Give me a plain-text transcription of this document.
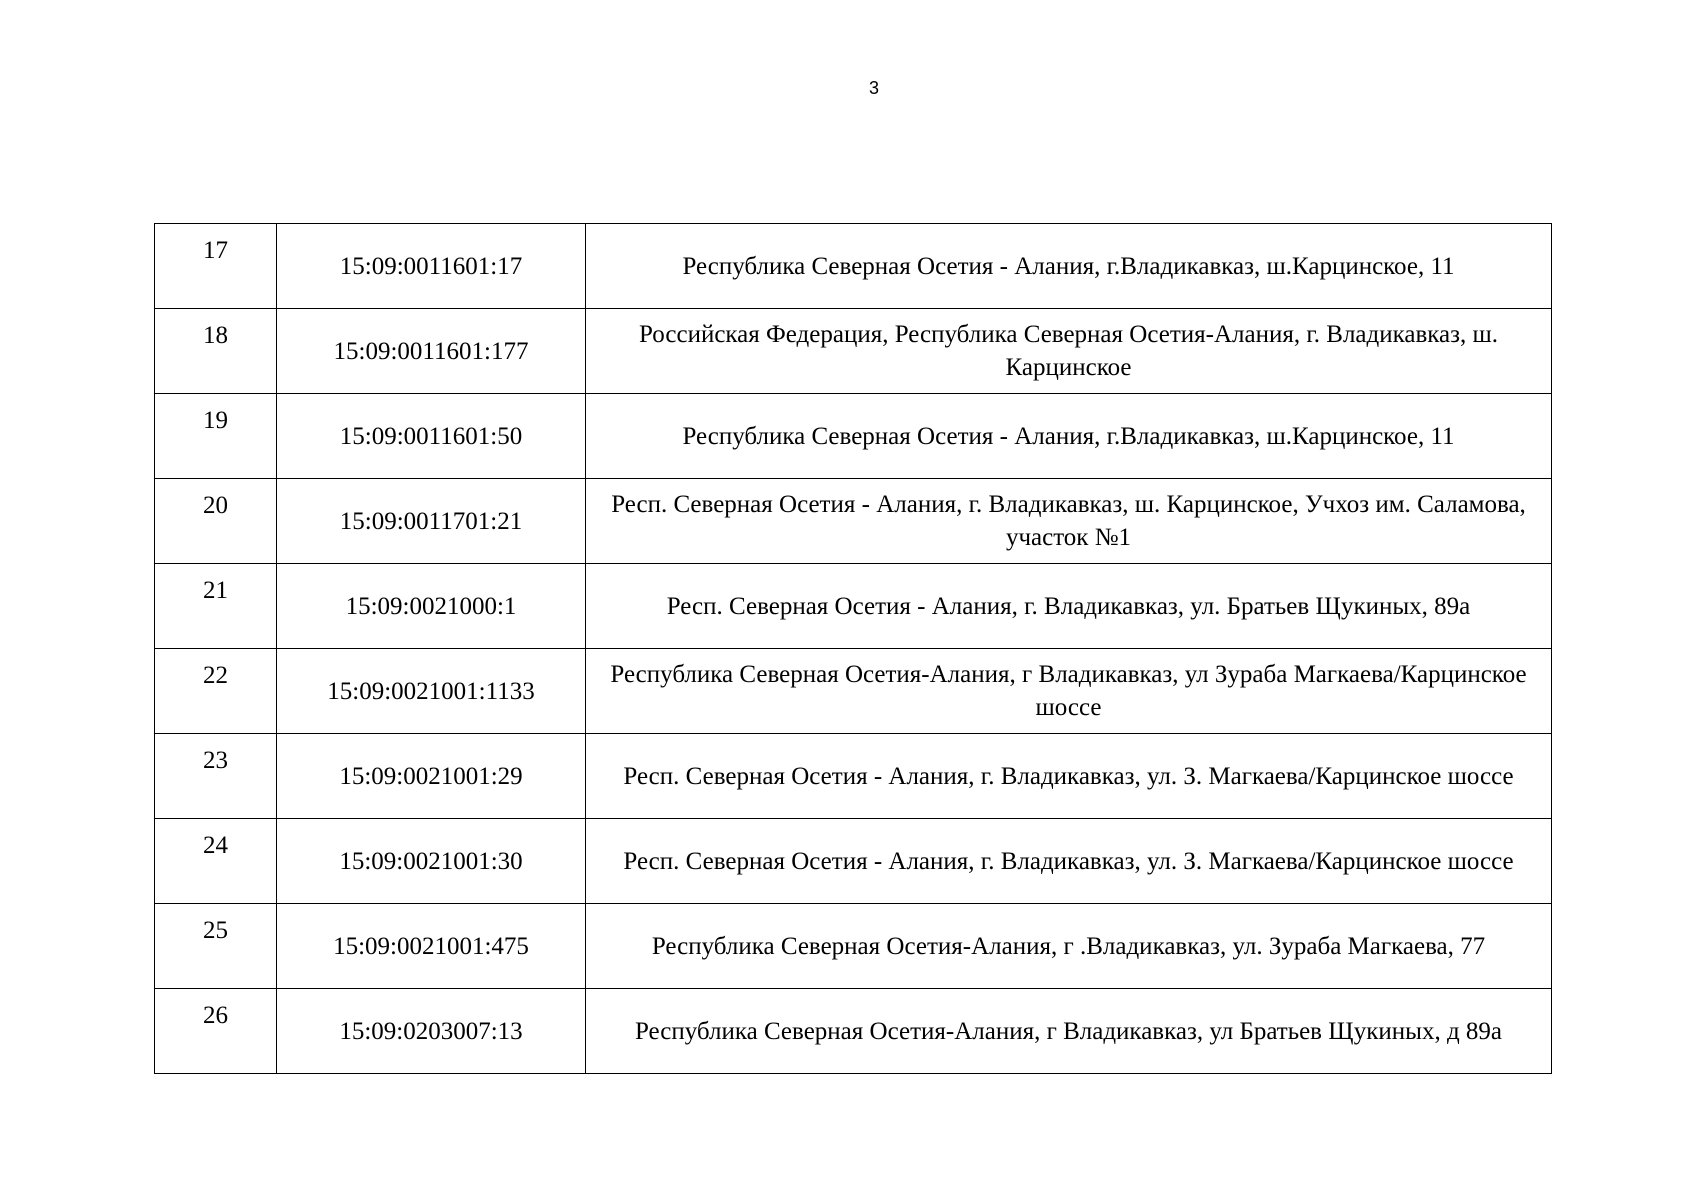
3
17	15:09:0011601:17	Республика Северная Осетия - Алания, г.Владикавказ, ш.Карцинское, 11
18	15:09:0011601:177	Российская Федерация, Республика Северная Осетия-Алания, г. Владикавказ, ш. Карцинское
19	15:09:0011601:50	Республика Северная Осетия - Алания, г.Владикавказ, ш.Карцинское, 11
20	15:09:0011701:21	Респ. Северная Осетия - Алания, г. Владикавказ, ш. Карцинское, Учхоз им. Саламова, участок №1
21	15:09:0021000:1	Респ. Северная Осетия - Алания, г. Владикавказ, ул. Братьев Щукиных, 89а
22	15:09:0021001:1133	Республика Северная Осетия-Алания, г Владикавказ, ул Зураба Магкаева/Карцинское шоссе
23	15:09:0021001:29	Респ. Северная Осетия - Алания, г. Владикавказ, ул. З. Магкаева/Карцинское шоссе
24	15:09:0021001:30	Респ. Северная Осетия - Алания, г. Владикавказ, ул. З. Магкаева/Карцинское шоссе
25	15:09:0021001:475	Республика Северная Осетия-Алания, г .Владикавказ, ул. Зураба Магкаева, 77
26	15:09:0203007:13	Республика Северная Осетия-Алания, г Владикавказ, ул Братьев Щукиных, д 89а
